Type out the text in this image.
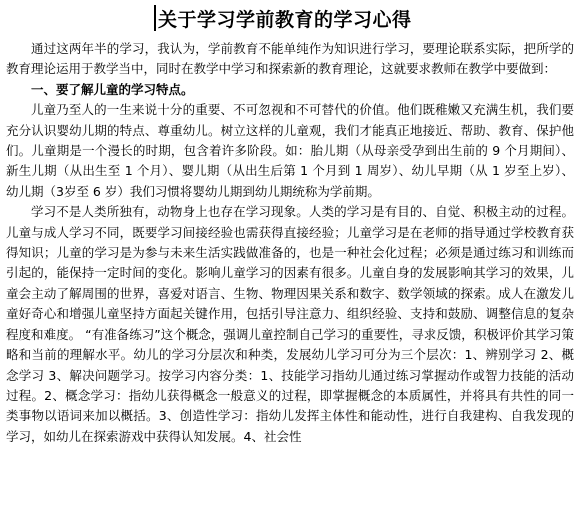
关于学习学前教育的学习心得

通过这两年半的学习，我认为，学前教育不能单纯作为知识进行学习，要理论联系实际，把所学的教育理论运用于教学当中，同时在教学中学习和探索新的教育理论，这就要求教师在教学中要做到：

一、要了解儿童的学习特点。

儿童乃至人的一生来说十分的重要、不可忽视和不可替代的价值。他们既稚嫩又充满生机，我们要充分认识婴幼儿期的特点、尊重幼儿。树立这样的儿童观，我们才能真正地接近、帮助、教育、保护他们。儿童期是一个漫长的时期，包含着许多阶段。如：胎儿期（从母亲受孕到出生前的 9 个月期间）、新生儿期（从出生至 1 个月）、婴儿期（从出生后第 1 个月到 1 周岁）、幼儿早期（从 1 岁至上岁）、幼儿期（3岁至 6 岁）我们习惯将婴幼儿期到幼儿期统称为学前期。

学习不是人类所独有，动物身上也存在学习现象。人类的学习是有目的、自觉、积极主动的过程。儿童与成人学习不同，既要学习间接经验也需获得直接经验；儿童学习是在老师的指导通过学校教育获得知识；儿童的学习是为参与未来生活实践做准备的，也是一种社会化过程；必须是通过练习和训练而引起的，能保持一定时间的变化。影响儿童学习的因素有很多。儿童自身的发展影响其学习的效果，儿童会主动了解周围的世界，喜爱对语言、生物、物理因果关系和数字、数学领域的探索。成人在激发儿童好奇心和增强儿童坚持方面起关键作用，包括引导注意力、组织经验、支持和鼓励、调整信息的复杂程度和难度。 “有准备练习”这个概念，强调儿童控制自己学习的重要性，寻求反馈，积极评价其学习策略和当前的理解水平。幼儿的学习分层次和种类，发展幼儿学习可分为三个层次：1、辨别学习 2、概念学习 3、解决问题学习。按学习内容分类：1、技能学习指幼儿通过练习掌握动作或智力技能的活动过程。2、概念学习：指幼儿获得概念一般意义的过程，即掌握概念的本质属性，并将具有共性的同一类事物以语词来加以概括。3、创造性学习：指幼儿发挥主体性和能动性，进行自我建构、自我发现的学习，如幼儿在探索游戏中获得认知发展。4、社会性
